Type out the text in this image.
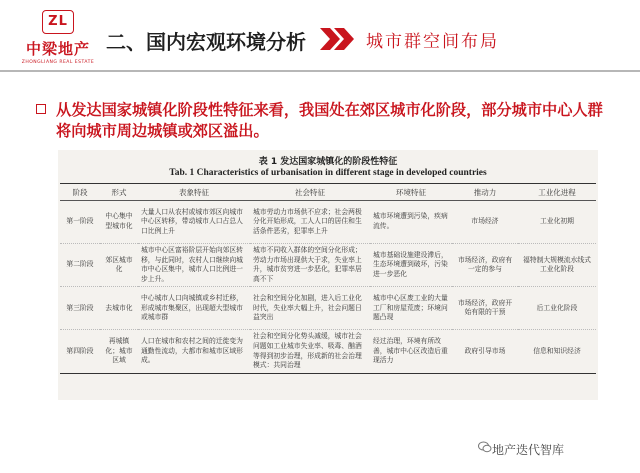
ZL
中梁地产
ZHONGLIANG REAL ESTATE
二、国内宏观环境分析	城市群空间布局
从发达国家城镇化阶段性特征来看，我国处在郊区城市化阶段，部分城市中心人群将向城市周边城镇或郊区溢出。
表 1 发达国家城镇化的阶段性特征
Tab. 1 Characteristics of urbanisation in different stage in developed countries
阶段	形式	表象特征	社会特征	环境特征	推动力	工业化进程
第一阶段	中心集中型城市化	大量人口从农村或城市郊区向城市中心区转移，带动城市人口占总人口比例上升	城市劳动力市场供不应求；社会两极分化开始形成，工人人口的居住和生活条件恶劣，犯罪率上升	城市环境遭到污染，疾病流传。	市场经济	工业化初期
第二阶段	郊区城市化	城市中心区富裕阶层开始向郊区转移，与此同时，农村人口继续向城市中心区集中，城市人口比例进一步上升。	城市不同收入群体的空间分化形成；劳动力市场出现供大于求，失业率上升，城市贫穷进一步恶化，犯罪率居高不下	城市基础设施建设滞后，生态环境遭到破坏，污染进一步恶化	市场经济，政府有一定的参与	福特制大规模流水线式工业化阶段
第三阶段	去城市化	中心城市人口向城镇或乡村迁移，形成城市集聚区，出现超大型城市或城市群	社会和空间分化加剧，进入后工业化时代，失业率大幅上升，社会问题日益突出	城市中心区废工业的大量工厂和房屋荒废；环境问题凸现	市场经济，政府开始有限的干预	后工业化阶段
第四阶段	再城镇化；城市区域	人口在城市和农村之间的迁徙变为通勤性流动，大都市和城市区域形成。	社会和空间分化势头减缓，城市社会问题如工业城市失业率、吸毒、酗酒等得到初步治理，形成新的社会治理模式：共同治理	经过治理，环境有所改善，城市中心区改造后重现活力	政府引导市场	信息和知识经济
地产迭代智库
